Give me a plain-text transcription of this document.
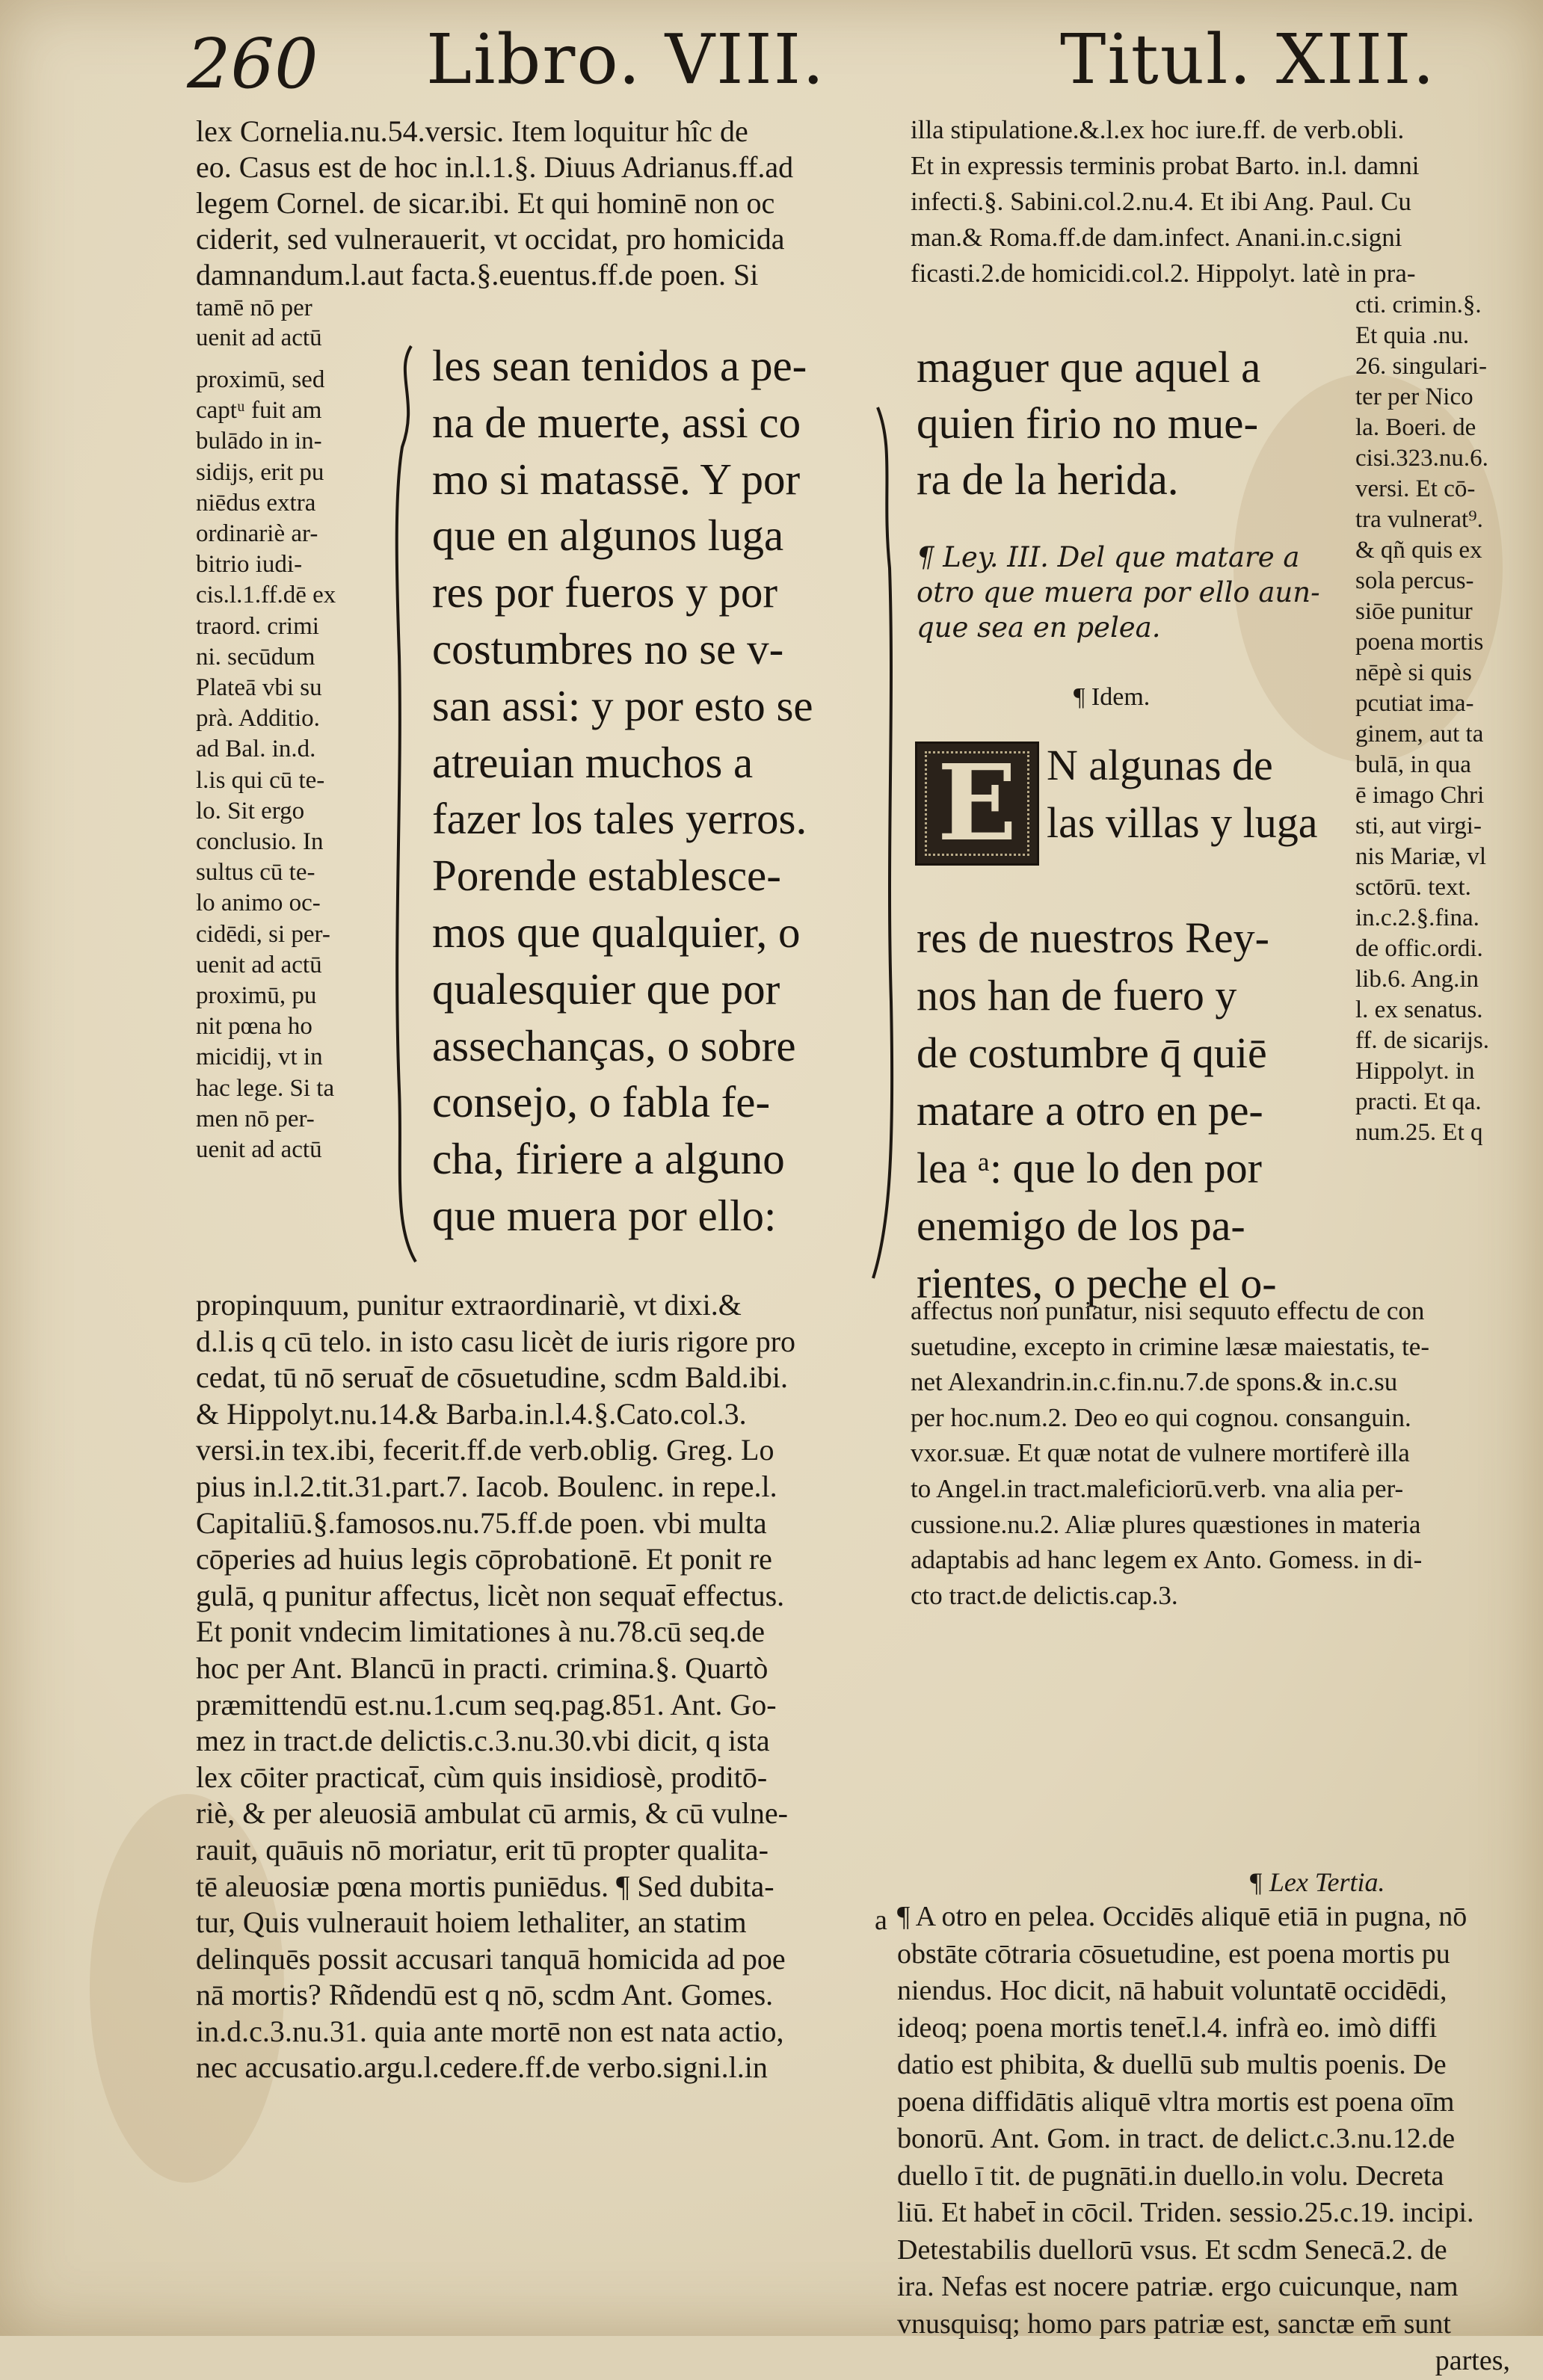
260 Libro. VIII.	Titul. XIII.
lex Cornelia.nu.54.versic. Item loquitur hîc de
eo. Casus est de hoc in.l.1.§. Diuus Adrianus.ff.ad
legem Cornel. de sicar.ibi. Et qui hominē non oc
ciderit, sed vulnerauerit, vt occidat, pro homicida
damnandum.l.aut facta.§.euentus.ff.de poen. Si
tamē nō per
uenit ad actū
proximū, sed
captᵘ fuit am
bulādo in in-
sidijs, erit pu
niēdus extra
ordinariè ar-
bitrio iudi-
cis.l.1.ff.dē ex
traord. crimi
ni. secūdum
Plateā vbi su
prà. Additio.
ad Bal. in.d.
l.is qui cū te-
lo. Sit ergo
conclusio. In
sultus cū te-
lo animo oc-
cidēdi, si per-
uenit ad actū
proximū, pu
nit pœna ho
micidij, vt in
hac lege. Si ta
men nō per-
uenit ad actū
les sean tenidos a pe-
na de muerte, assi co
mo si matassē. Y por
que en algunos luga
res por fueros y por
costumbres no se v-
san assi: y por esto se
atreuian muchos a
fazer los tales yerros.
Porende establesce-
mos que qualquier, o
qualesquier que por
assechanças, o sobre
consejo, o fabla fe-
cha, firiere a alguno
que muera por ello:
propinquum, punitur extraordinariè, vt dixi.&
d.l.is q cū telo. in isto casu licèt de iuris rigore pro
cedat, tū nō seruat̄ de cōsuetudine, scdm Bald.ibi.
& Hippolyt.nu.14.& Barba.in.l.4.§.Cato.col.3.
versi.in tex.ibi, fecerit.ff.de verb.oblig. Greg. Lo
pius in.l.2.tit.31.part.7. Iacob. Boulenc. in repe.l.
Capitaliū.§.famosos.nu.75.ff.de poen. vbi multa
cōperies ad huius legis cōprobationē. Et ponit re
gulā, q punitur affectus, licèt non sequat̄ effectus.
Et ponit vndecim limitationes à nu.78.cū seq.de
hoc per Ant. Blancū in practi. crimina.§. Quartò
præmittendū est.nu.1.cum seq.pag.851. Ant. Go-
mez in tract.de delictis.c.3.nu.30.vbi dicit, q ista
lex cōiter practicat̄, cùm quis insidiosè, proditō-
riè, & per aleuosiā ambulat cū armis, & cū vulne-
rauit, quāuis nō moriatur, erit tū propter qualita-
tē aleuosiæ pœna mortis puniēdus. ¶ Sed dubita-
tur, Quis vulnerauit hoiem lethaliter, an statim
delinquēs possit accusari tanquā homicida ad poe
nā mortis? Rñdendū est q nō, scdm Ant. Gomes.
in.d.c.3.nu.31. quia ante mortē non est nata actio,
nec accusatio.argu.l.cedere.ff.de verbo.signi.l.in
illa stipulatione.&.l.ex hoc iure.ff. de verb.obli.
Et in expressis terminis probat Barto. in.l. damni
infecti.§. Sabini.col.2.nu.4. Et ibi Ang. Paul. Cu
man.& Roma.ff.de dam.infect. Anani.in.c.signi
ficasti.2.de homicidi.col.2. Hippolyt. latè in pra-
cti. crimin.§.
Et quia .nu.
26. singulari-
ter per Nico
la. Boeri. de
cisi.323.nu.6.
versi. Et cō-
tra vulnerat⁹.
& qñ quis ex
sola percus-
siōe punitur
poena mortis
nēpè si quis
pcutiat ima-
ginem, aut ta
bulā, in qua
ē imago Chri
sti, aut virgi-
nis Mariæ, vl
sctōrū. text.
in.c.2.§.fina.
de offic.ordi.
lib.6. Ang.in
l. ex senatus.
ff. de sicarijs.
Hippolyt. in
practi. Et qa.
num.25. Et q
maguer que aquel a
quien firio no mue-
ra de la herida.
¶ Ley. III. Del que matare a
otro que muera por ello aun-
que sea en pelea.
¶ Idem.
E N algunas de
las villas y luga
res de nuestros Rey-
nos han de fuero y
de costumbre q̄ quiē
matare a otro en pe-
lea ᵃ: que lo den por
enemigo de los pa-
rientes, o peche el o-
affectus non puniatur, nisi sequuto effectu de con
suetudine, excepto in crimine læsæ maiestatis, te-
net Alexandrin.in.c.fin.nu.7.de spons.& in.c.su
per hoc.num.2. Deo eo qui cognou. consanguin.
vxor.suæ. Et quæ notat de vulnere mortiferè illa
to Angel.in tract.maleficiorū.verb. vna alia per-
cussione.nu.2. Aliæ plures quæstiones in materia
adaptabis ad hanc legem ex Anto. Gomess. in di-
cto tract.de delictis.cap.3.
¶ Lex Tertia.
a ¶ A otro en pelea. Occidēs aliquē etiā in pugna, nō
obstāte cōtraria cōsuetudine, est poena mortis pu
niendus. Hoc dicit, nā habuit voluntatē occidēdi,
ideoq; poena mortis tenet̄.l.4. infrà eo. imò diffi
datio est phibita, & duellū sub multis poenis. De
poena diffidātis aliquē vltra mortis est poena oīm
bonorū. Ant. Gom. in tract. de delict.c.3.nu.12.de
duello ī tit. de pugnāti.in duello.in volu. Decreta
liū. Et habet̄ in cōcil. Triden. sessio.25.c.19. incipi.
Detestabilis duellorū vsus. Et scdm Senecā.2. de
ira. Nefas est nocere patriæ. ergo cuicunque, nam
vnusquisq; homo pars patriæ est, sanctæ em̄ sunt
partes,
